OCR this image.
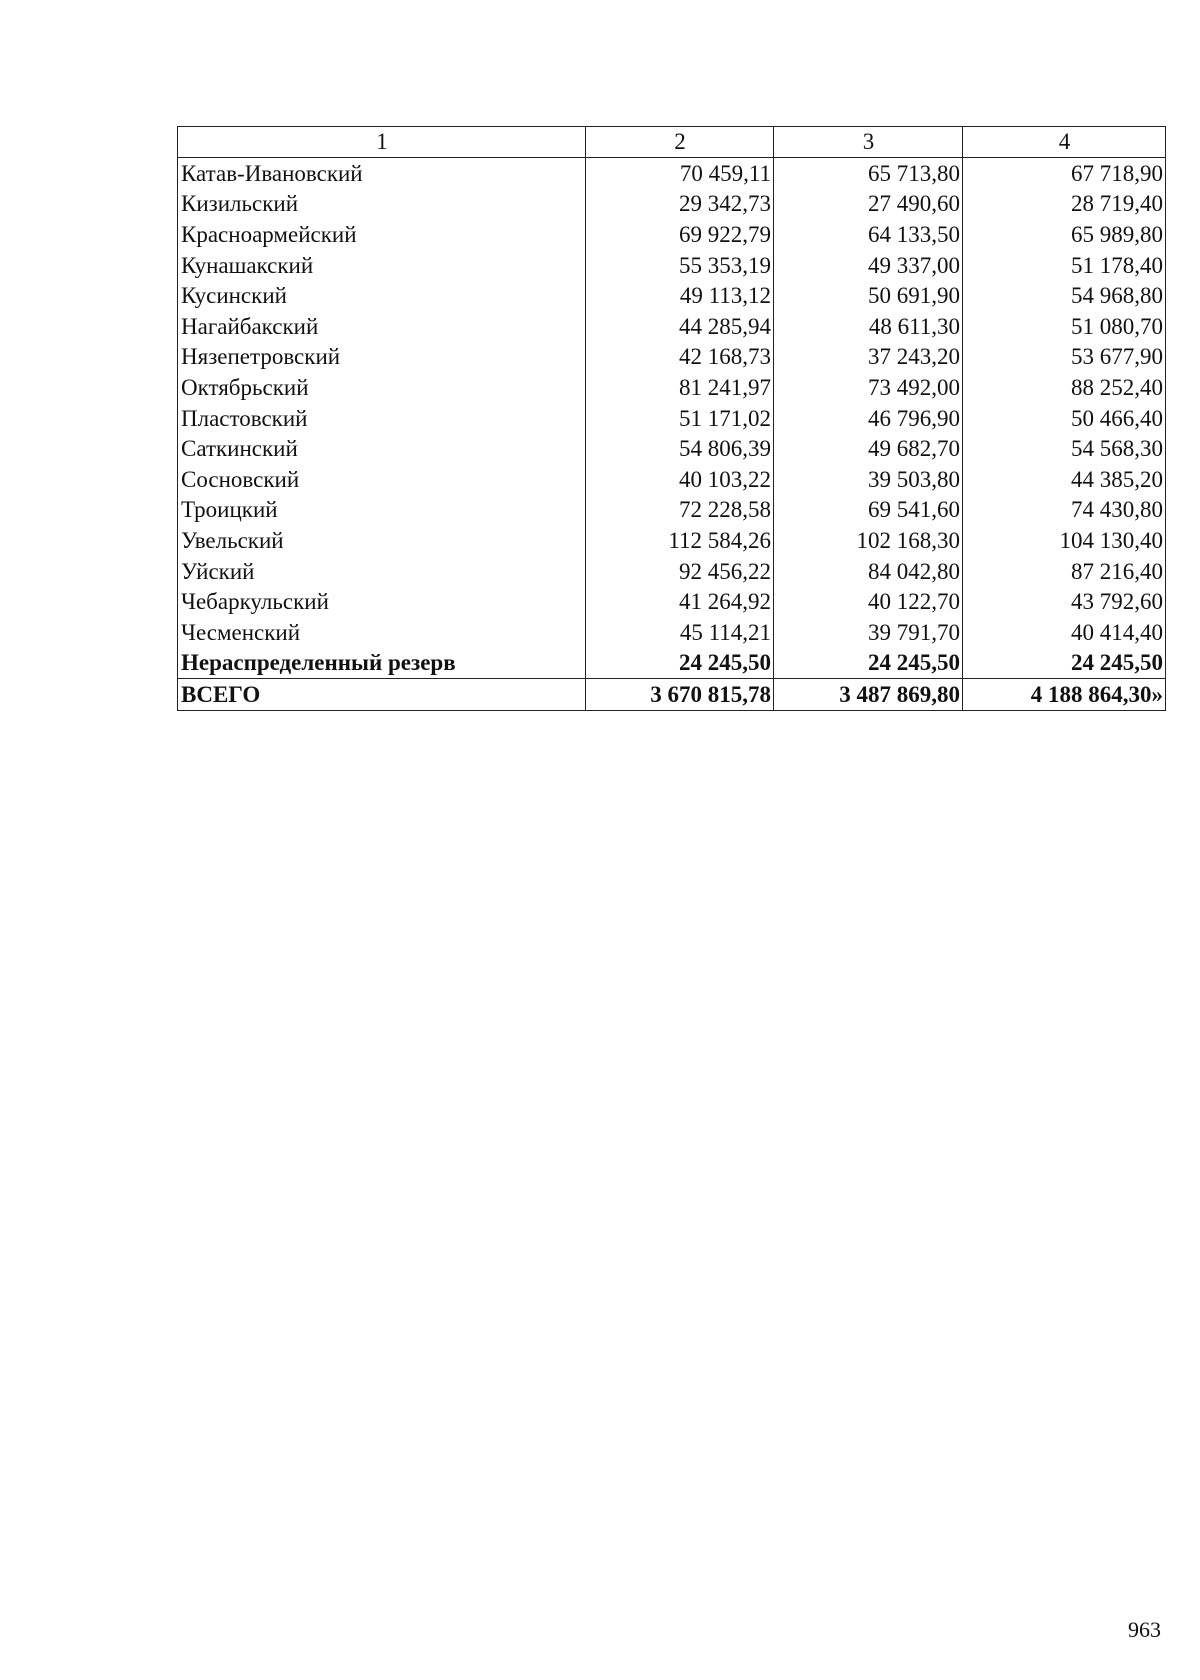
1	2	3	4
Катав-Ивановский	70 459,11	65 713,80	67 718,90
Кизильский	29 342,73	27 490,60	28 719,40
Красноармейский	69 922,79	64 133,50	65 989,80
Кунашакский	55 353,19	49 337,00	51 178,40
Кусинский	49 113,12	50 691,90	54 968,80
Нагайбакский	44 285,94	48 611,30	51 080,70
Нязепетровский	42 168,73	37 243,20	53 677,90
Октябрьский	81 241,97	73 492,00	88 252,40
Пластовский	51 171,02	46 796,90	50 466,40
Саткинский	54 806,39	49 682,70	54 568,30
Сосновский	40 103,22	39 503,80	44 385,20
Троицкий	72 228,58	69 541,60	74 430,80
Увельский	112 584,26	102 168,30	104 130,40
Уйский	92 456,22	84 042,80	87 216,40
Чебаркульский	41 264,92	40 122,70	43 792,60
Чесменский	45 114,21	39 791,70	40 414,40
Нераспределенный резерв	24 245,50	24 245,50	24 245,50
ВСЕГО	3 670 815,78	3 487 869,80	4 188 864,30»
963
